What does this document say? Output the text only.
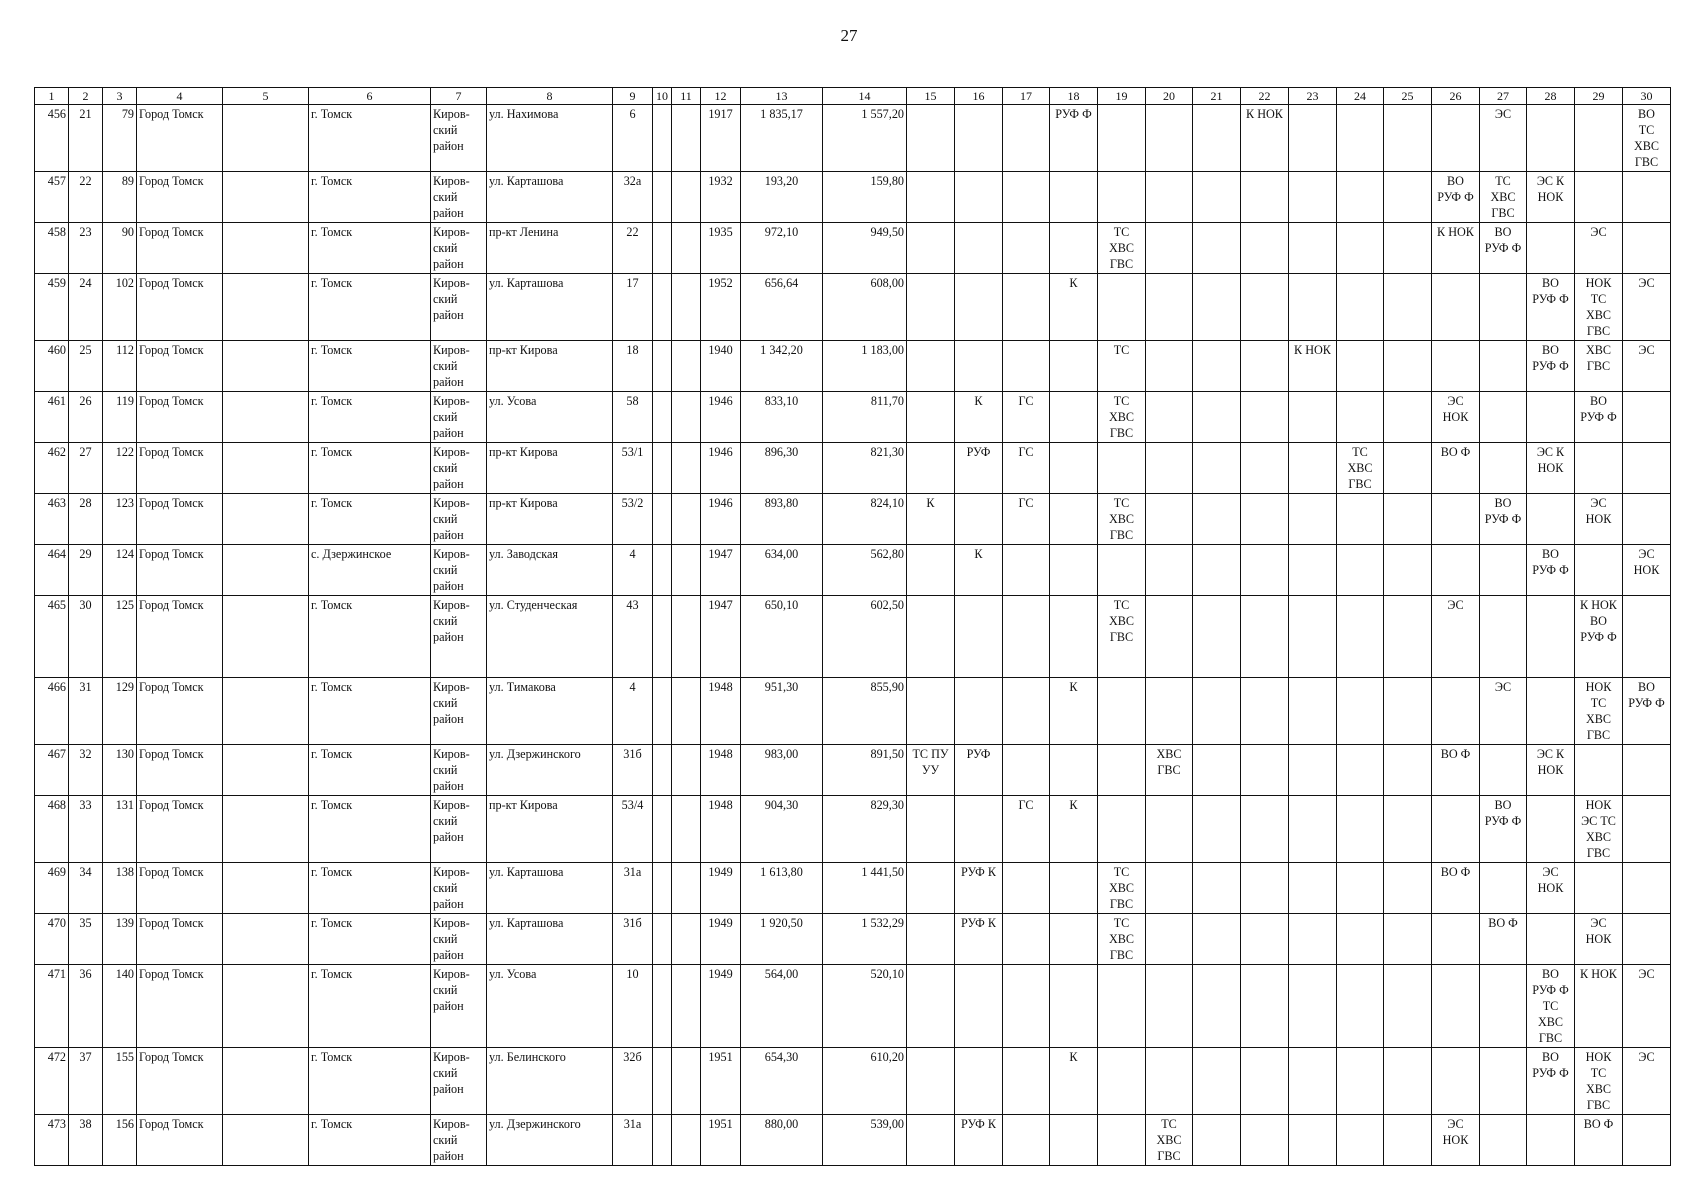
27
1	2	3	4	5	6	7	8	9	10	11	12	13	14	15	16	17	18	19	20	21	22	23	24	25	26	27	28	29	30
456	21	79	Город Томск		г. Томск	Киров-
ский
район	ул. Нахимова	6			1917	1 835,17	1 557,20				РУФ Ф				К НОК					ЭС			ВО
ТС
ХВС
ГВС
457	22	89	Город Томск		г. Томск	Киров-
ский
район	ул. Карташова	32а			1932	193,20	159,80												ВО
РУФ Ф	ТС
ХВС
ГВС	ЭС К
НОК		
458	23	90	Город Томск		г. Томск	Киров-
ский
район	пр-кт Ленина	22			1935	972,10	949,50					ТС
ХВС
ГВС							К НОК	ВО
РУФ Ф		ЭС	
459	24	102	Город Томск		г. Томск	Киров-
ский
район	ул. Карташова	17			1952	656,64	608,00				К										ВО
РУФ Ф	НОК
ТС
ХВС
ГВС	ЭС
460	25	112	Город Томск		г. Томск	Киров-
ский
район	пр-кт Кирова	18			1940	1 342,20	1 183,00					ТС				К НОК					ВО
РУФ Ф	ХВС
ГВС	ЭС
461	26	119	Город Томск		г. Томск	Киров-
ский
район	ул. Усова	58			1946	833,10	811,70		К	ГС		ТС
ХВС
ГВС							ЭС
НОК			ВО
РУФ Ф	
462	27	122	Город Томск		г. Томск	Киров-
ский
район	пр-кт Кирова	53/1			1946	896,30	821,30		РУФ	ГС							ТС
ХВС
ГВС		ВО Ф		ЭС К
НОК		
463	28	123	Город Томск		г. Томск	Киров-
ский
район	пр-кт Кирова	53/2			1946	893,80	824,10	К		ГС		ТС
ХВС
ГВС								ВО
РУФ Ф		ЭС
НОК	
464	29	124	Город Томск		с. Дзержинское	Киров-
ский
район	ул. Заводская	4			1947	634,00	562,80		К												ВО
РУФ Ф		ЭС
НОК
465	30	125	Город Томск		г. Томск	Киров-
ский
район	ул. Студенческая	43			1947	650,10	602,50					ТС
ХВС
ГВС							ЭС			К НОК
ВО
РУФ Ф	
466	31	129	Город Томск		г. Томск	Киров-
ский
район	ул. Тимакова	4			1948	951,30	855,90				К									ЭС		НОК
ТС
ХВС
ГВС	ВО
РУФ Ф
467	32	130	Город Томск		г. Томск	Киров-
ский
район	ул. Дзержинского	31б			1948	983,00	891,50	ТС ПУ
УУ	РУФ				ХВС
ГВС						ВО Ф		ЭС К
НОК		
468	33	131	Город Томск		г. Томск	Киров-
ский
район	пр-кт Кирова	53/4			1948	904,30	829,30			ГС	К									ВО
РУФ Ф		НОК
ЭС ТС
ХВС
ГВС	
469	34	138	Город Томск		г. Томск	Киров-
ский
район	ул. Карташова	31а			1949	1 613,80	1 441,50		РУФ К			ТС
ХВС
ГВС							ВО Ф		ЭС
НОК		
470	35	139	Город Томск		г. Томск	Киров-
ский
район	ул. Карташова	31б			1949	1 920,50	1 532,29		РУФ К			ТС
ХВС
ГВС								ВО Ф		ЭС
НОК	
471	36	140	Город Томск		г. Томск	Киров-
ский
район	ул. Усова	10			1949	564,00	520,10														ВО
РУФ Ф
ТС
ХВС
ГВС	К НОК	ЭС
472	37	155	Город Томск		г. Томск	Киров-
ский
район	ул. Белинского	32б			1951	654,30	610,20				К										ВО
РУФ Ф	НОК
ТС
ХВС
ГВС	ЭС
473	38	156	Город Томск		г. Томск	Киров-
ский
район	ул. Дзержинского	31а			1951	880,00	539,00		РУФ К				ТС
ХВС
ГВС						ЭС
НОК			ВО Ф	
